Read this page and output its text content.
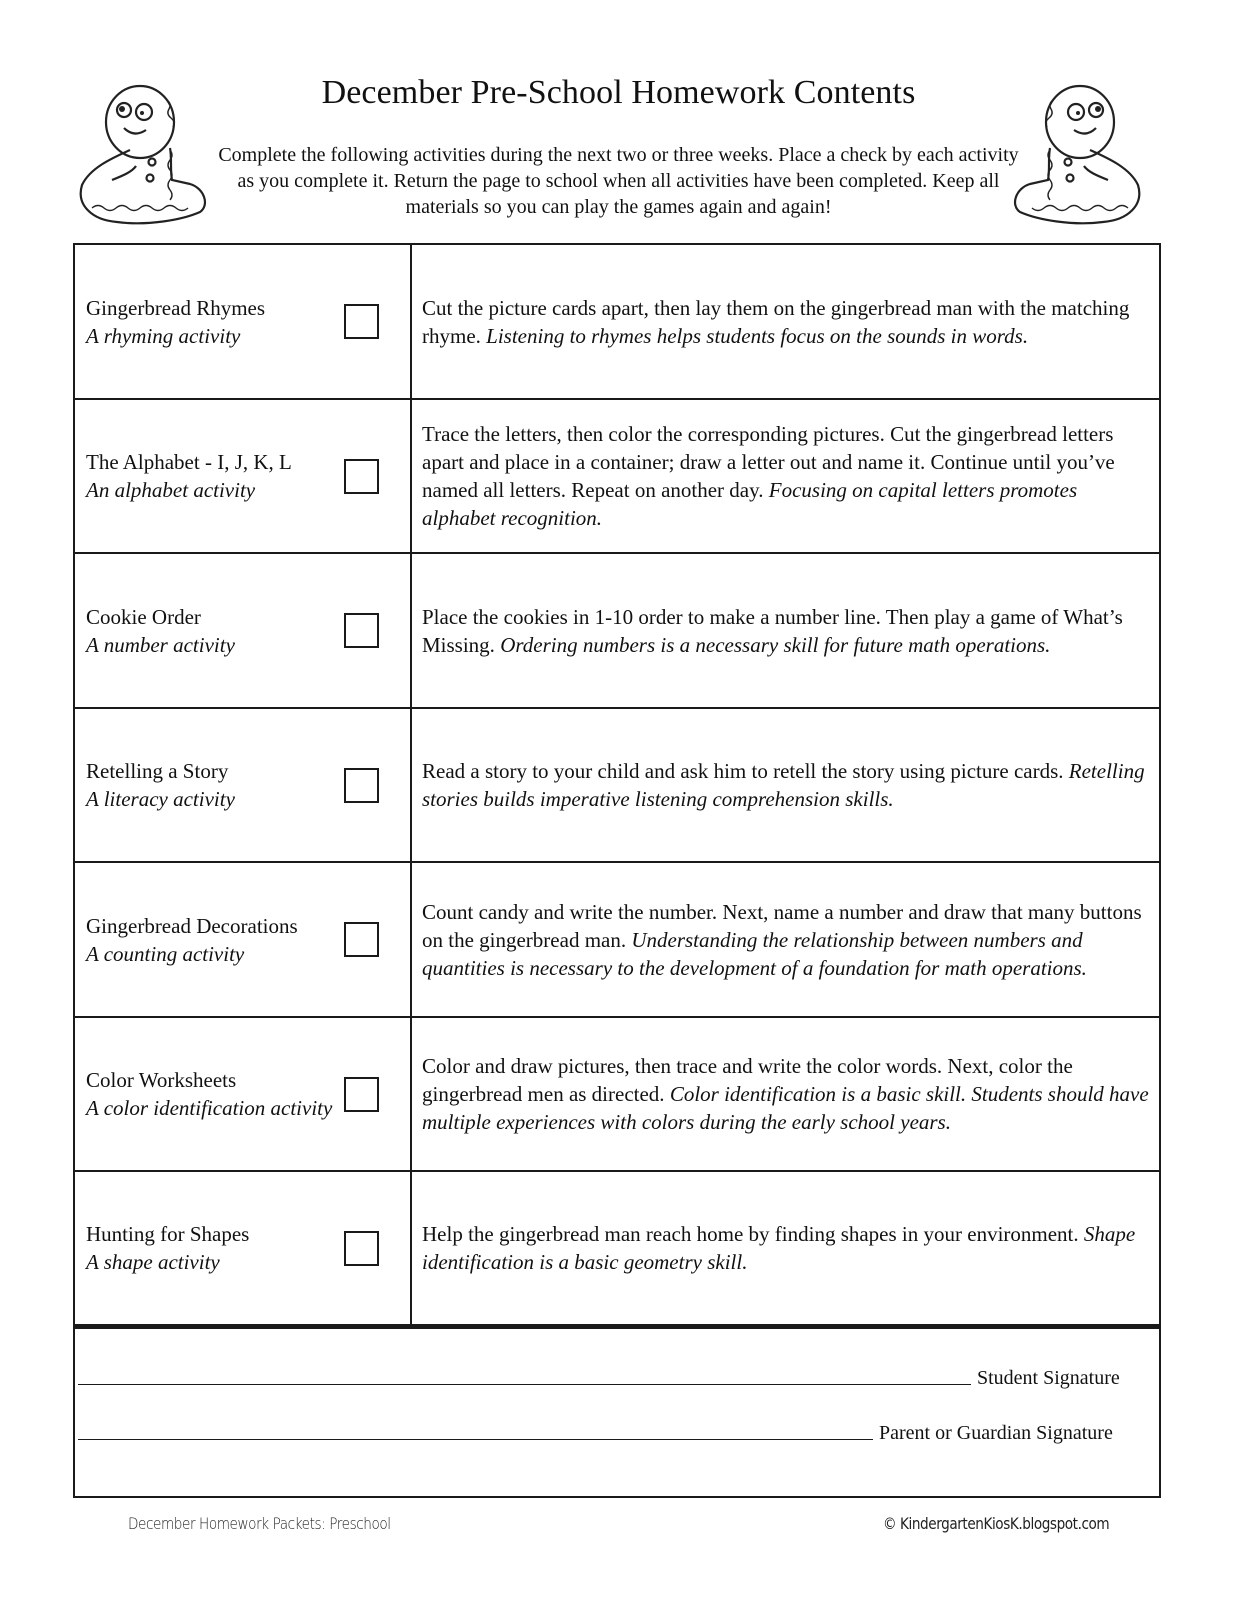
December Pre-School Homework Contents

Complete the following activities during the next two or three weeks. Place a check by each activity as you complete it. Return the page to school when all activities have been completed. Keep all materials so you can play the games again and again!

Gingerbread Rhymes
A rhyming activity

Cut the picture cards apart, then lay them on the gingerbread man with the matching rhyme. Listening to rhymes helps students focus on the sounds in words.

The Alphabet - I, J, K, L
An alphabet activity

Trace the letters, then color the corresponding pictures. Cut the gingerbread letters apart and place in a container; draw a letter out and name it. Continue until you’ve named all letters. Repeat on another day. Focusing on capital letters promotes alphabet recognition.

Cookie Order
A number activity

Place the cookies in 1-10 order to make a number line. Then play a game of What’s Missing. Ordering numbers is a necessary skill for future math operations.

Retelling a Story
A literacy activity

Read a story to your child and ask him to retell the story using picture cards. Retelling stories builds imperative listening comprehension skills.

Gingerbread Decorations
A counting activity

Count candy and write the number. Next, name a number and draw that many buttons on the gingerbread man. Understanding the relationship between numbers and quantities is necessary to the development of a foundation for math operations.

Color Worksheets
A color identification activity

Color and draw pictures, then trace and write the color words. Next, color the gingerbread men as directed. Color identification is a basic skill. Students should have multiple experiences with colors during the early school years.

Hunting for Shapes
A shape activity

Help the gingerbread man reach home by finding shapes in your environment. Shape identification is a basic geometry skill.

Student Signature
Parent or Guardian Signature
December Homework Packets: Preschool	© KindergartenKiosK.blogspot.com
